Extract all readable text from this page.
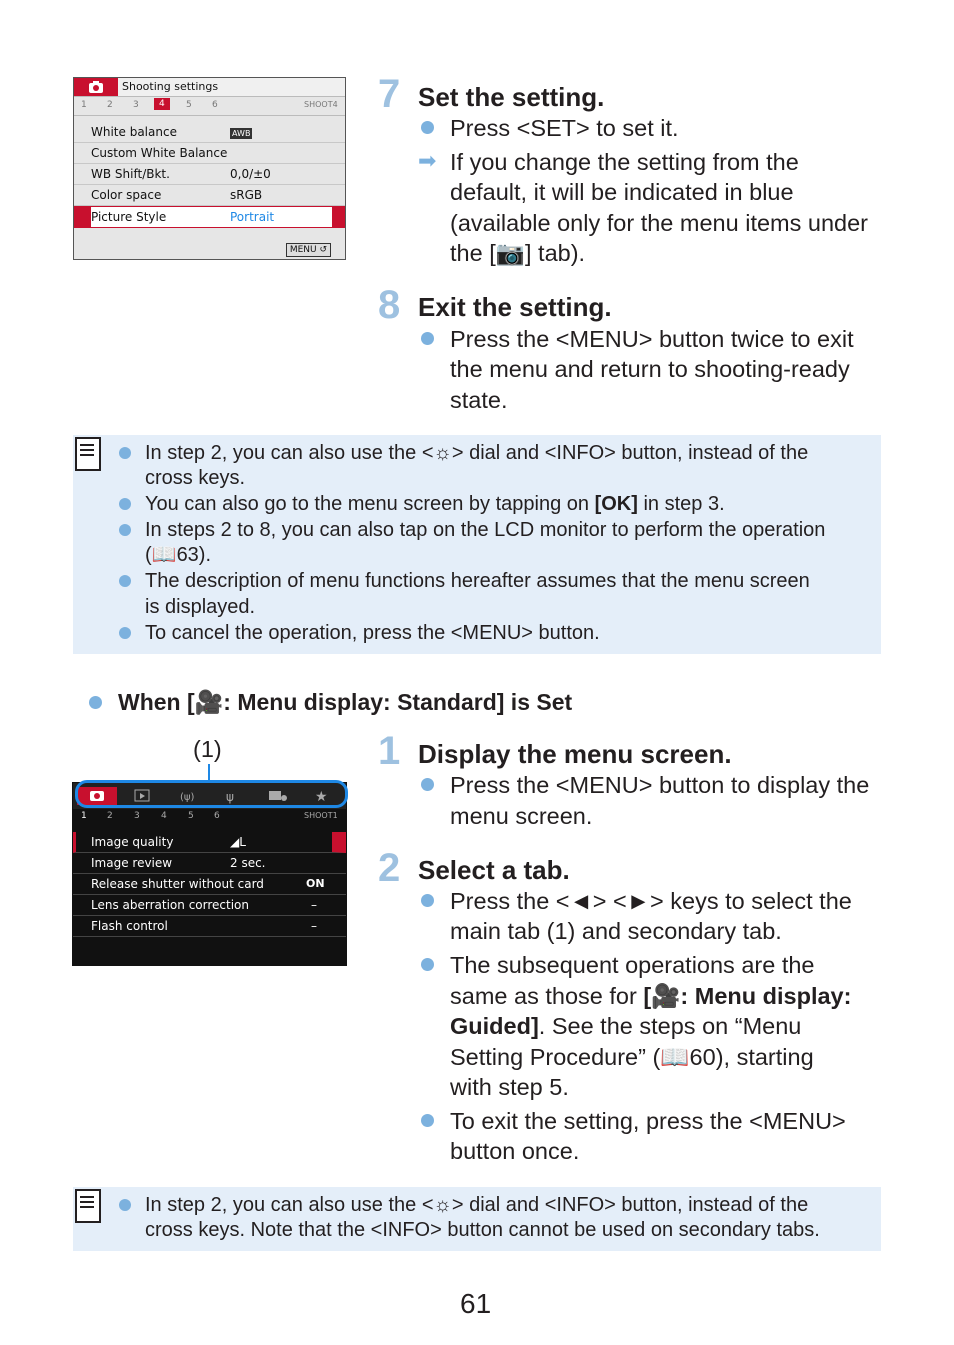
Shooting settings
1 2 3	4	5 6	SHOOT4
White balance	AWB
Custom White Balance
WB Shift/Bkt.	0,0/±0
Color space	sRGB
Picture Style	Portrait
MENU ↺
7 Set the setting.
Press <SET> to set it.
➡ If you change the setting from the
default, it will be indicated in blue
(available only for the menu items under
the [📷] tab).
8 Exit the setting.
Press the <MENU> button twice to exit
the menu and return to shooting-ready
state.
In step 2, you can also use the <☼> dial and <INFO> button, instead of the
cross keys.
You can also go to the menu screen by tapping on [OK] in step 3.
In steps 2 to 8, you can also tap on the LCD monitor to perform the operation
(📖63).
The description of menu functions hereafter assumes that the menu screen
is displayed.
To cancel the operation, press the <MENU> button.
When [🎥: Menu display: Standard] is Set
(1)
(ψ)	ψ	★
1 2 3 4 5 6	SHOOT1
Image quality	◢L
Image review	2 sec.
Release shutter without card	ON
Lens aberration correction	–
Flash control	–
1 Display the menu screen.
Press the <MENU> button to display the
menu screen.
2 Select a tab.
Press the <◄> <►> keys to select the
main tab (1) and secondary tab.
The subsequent operations are the
same as those for [🎥: Menu display:
Guided]. See the steps on “Menu
Setting Procedure” (📖60), starting
with step 5.
To exit the setting, press the <MENU>
button once.
In step 2, you can also use the <☼> dial and <INFO> button, instead of the
cross keys. Note that the <INFO> button cannot be used on secondary tabs.
61
